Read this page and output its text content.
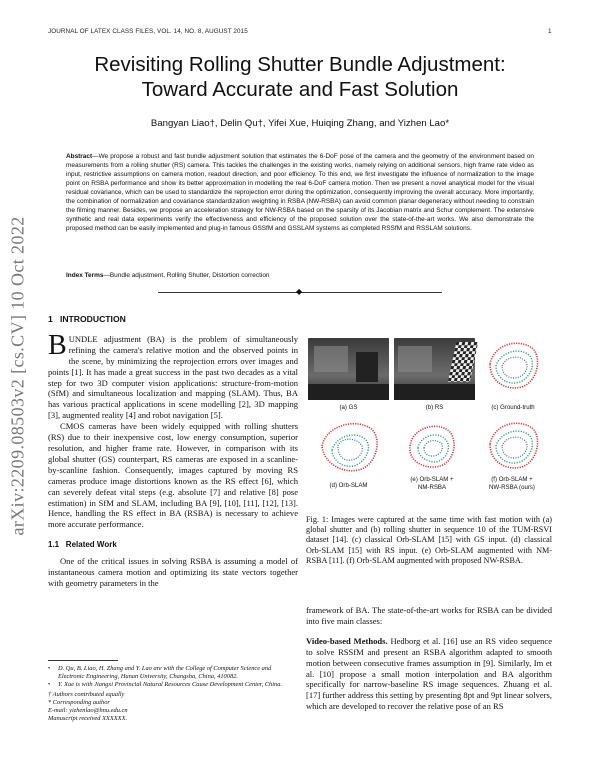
JOURNAL OF LATEX CLASS FILES, VOL. 14, NO. 8, AUGUST 2015	1
Revisiting Rolling Shutter Bundle Adjustment:
Toward Accurate and Fast Solution
Bangyan Liao†, Delin Qu†, Yifei Xue, Huiqing Zhang, and Yizhen Lao*
Abstract—We propose a robust and fast bundle adjustment solution that estimates the 6-DoF pose of the camera and the geometry of the environment based on measurements from a rolling shutter (RS) camera. This tackles the challenges in the existing works, namely relying on additional sensors, high frame rate video as input, restrictive assumptions on camera motion, readout direction, and poor efficiency. To this end, we first investigate the influence of normalization to the image point on RSBA performance and show its better approximation in modelling the real 6-DoF camera motion. Then we present a novel analytical model for the visual residual covariance, which can be used to standardize the reprojection error during the optimization, consequently improving the overall accuracy. More importantly, the combination of normalization and covariance standardization weighting in RSBA (NW-RSBA) can avoid common planar degeneracy without needing to constrain the filming manner. Besides, we propose an acceleration strategy for NW-RSBA based on the sparsity of its Jacobian matrix and Schur complement. The extensive synthetic and real data experiments verify the effectiveness and efficiency of the proposed solution over the state-of-the-art works. We also demonstrate the proposed method can be easily implemented and plug-in famous GSSfM and GSSLAM systems as completed RSSfM and RSSLAM solutions.
Index Terms—Bundle adjustment, Rolling Shutter, Distortion correction
◆
arXiv:2209.08503v2 [cs.CV] 10 Oct 2022 1 INTRODUCTION
BUNDLE adjustment (BA) is the problem of simultaneously refining the camera's relative motion and the observed points in the scene, by minimizing the reprojection errors over images and points [1]. It has made a great success in the past two decades as a vital step for two 3D computer vision applications: structure-from-motion (SfM) and simultaneous localization and mapping (SLAM). Thus, BA has various practical applications in scene modelling [2], 3D mapping [3], augmented reality [4] and robot navigation [5].
CMOS cameras have been widely equipped with rolling shutters (RS) due to their inexpensive cost, low energy consumption, superior resolution, and higher frame rate. However, in comparison with its global shutter (GS) counterpart, RS cameras are exposed in a scanline-by-scanline fashion. Consequently, images captured by moving RS cameras produce image distortions known as the RS effect [6], which can severely defeat vital steps (e.g. absolute [7] and relative [8] pose estimation) in SfM and SLAM, including BA [9], [10], [11], [12], [13]. Hence, handling the RS effect in BA (RSBA) is necessary to achieve more accurate performance.
1.1 Related Work
One of the critical issues in solving RSBA is assuming a model of instantaneous camera motion and optimizing its state vectors together with geometry parameters in the
•	D. Qu, B. Liao, H. Zhang and Y. Lao are with the College of Computer Science and Electronic Engineering, Hunan University, Changsha, China, 410082.
•	Y. Xue is with Jiangxi Provincial Natural Resources Cause Development Center, China.
† Authors contributed equally
* Corresponding author
E-mail: yizhenlao@hnu.edu.cn
Manuscript received XXXXXX.
(a) GS	(b) RS	(c) Ground-truth
(d) Orb-SLAM
(e) Orb-SLAM +
NM-RSBA
(f) Orb-SLAM +
NW-RSBA (ours)
Fig. 1: Images were captured at the same time with fast motion with (a) global shutter and (b) rolling shutter in sequence 10 of the TUM-RSVI dataset [14]. (c) classical Orb-SLAM [15] with GS input. (d) classical Orb-SLAM [15] with RS input. (e) Orb-SLAM augmented with NM-RSBA [11]. (f) Orb-SLAM augmented with proposed NW-RSBA.
framework of BA. The state-of-the-art works for RSBA can be divided into five main classes:
Video-based Methods. Hedborg et al. [16] use an RS video sequence to solve RSSfM and present an RSBA algorithm adapted to smooth motion between consecutive frames assumption in [9]. Similarly, Im et al. [10] propose a small motion interpolation and BA algorithm specifically for narrow-baseline RS image sequences. Zhuang et al. [17] further address this setting by presenting 8pt and 9pt linear solvers, which are developed to recover the relative pose of an RS
